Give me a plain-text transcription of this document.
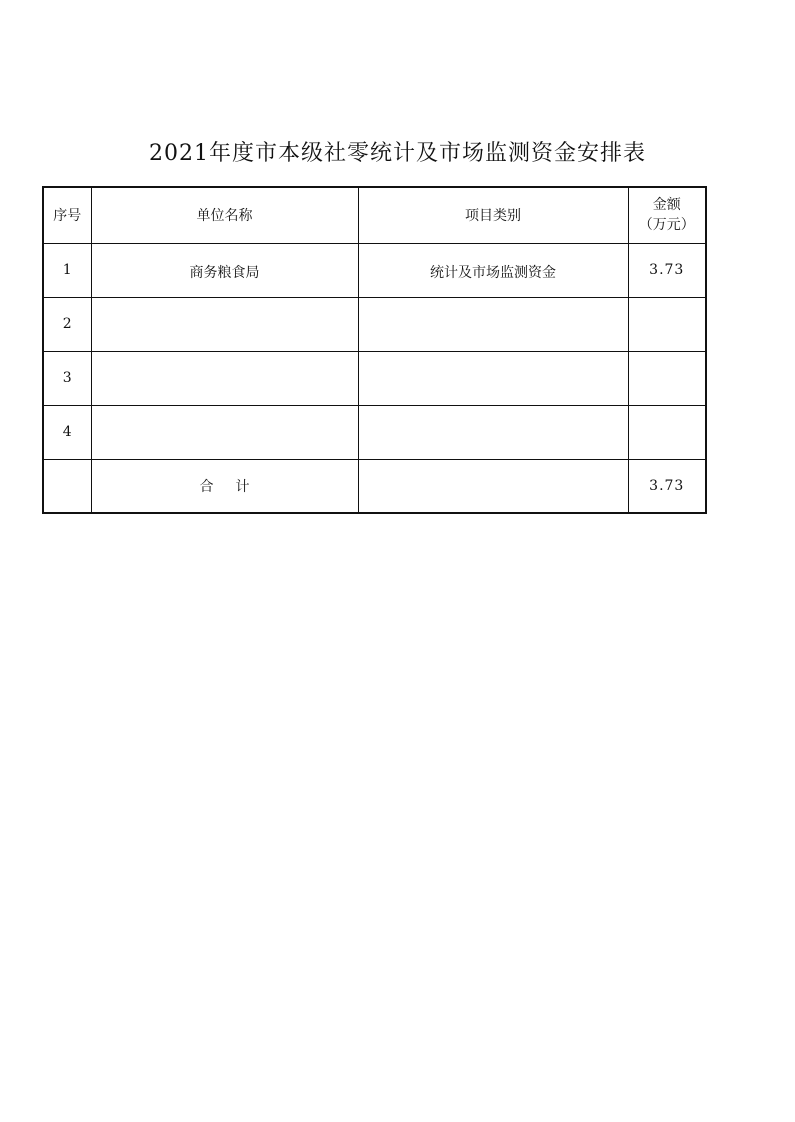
2021年度市本级社零统计及市场监测资金安排表
序号	单位名称	项目类别	金额
（万元）

1	商务粮食局	统计及市场监测资金	3.73
2			
3			
4			
	合计		3.73
